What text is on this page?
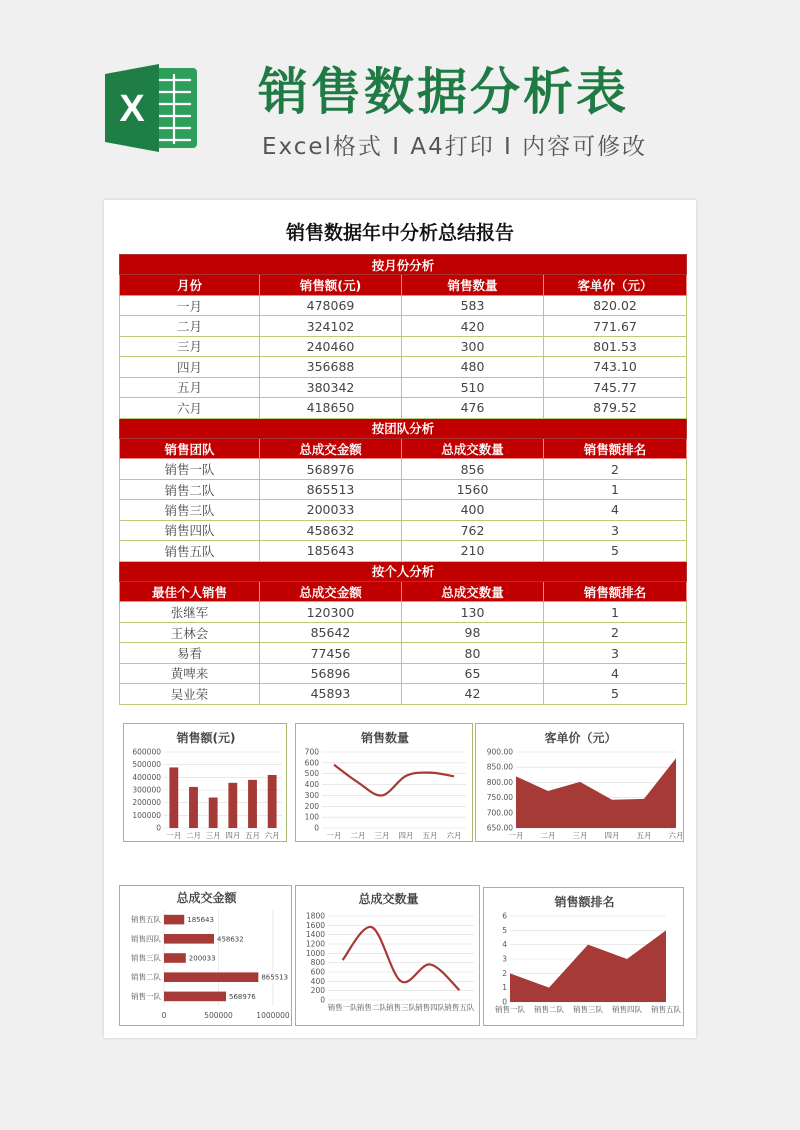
X 销售数据分析表
Excel格式 I A4打印 I 内容可修改
销售数据年中分析总结报告
按月份分析			
月份	销售额(元)	销售数量	客单价（元）
一月	478069	583	820.02
二月	324102	420	771.67
三月	240460	300	801.53
四月	356688	480	743.10
五月	380342	510	745.77
六月	418650	476	879.52
按团队分析			
销售团队	总成交金额	总成交数量	销售额排名
销售一队	568976	856	2
销售二队	865513	1560	1
销售三队	200033	400	4
销售四队	458632	762	3
销售五队	185643	210	5
按个人分析			
最佳个人销售	总成交金额	总成交数量	销售额排名
张继军	120300	130	1
王林会	85642	98	2
易看	77456	80	3
黄啤来	56896	65	4
吴业荣	45893	42	5
销售额(元)
0
100000
200000
300000
400000
500000
600000
一月 二月 三月 四月 五月 六月
销售数量
0
100
200
300
400
500
600
700
一月 二月 三月 四月 五月 六月
客单价（元）
650.00
700.00
750.00
800.00
850.00
900.00
一月 二月 三月 四月 五月 六月
总成交金额
0	500000	1000000
销售一队	568976
销售二队	865513
销售三队	200033
销售四队	458632
销售五队	185643
总成交数量
0
200
400
600
800
1000
1200
1400
1600
1800
销售一队 销售二队 销售三队 销售四队 销售五队
销售额排名
0
1
2
3
4
5
6
销售一队 销售二队 销售三队 销售四队 销售五队
